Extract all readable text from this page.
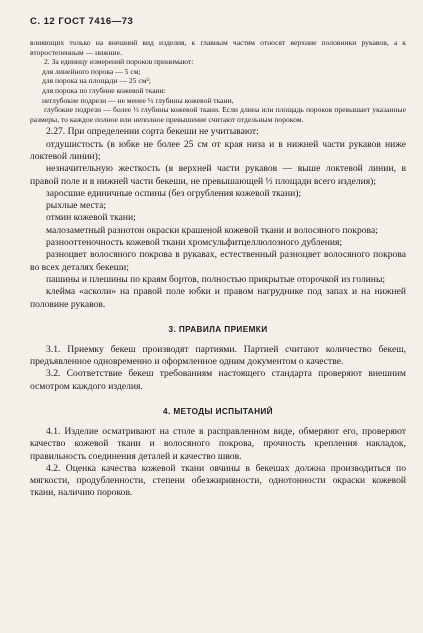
С. 12 ГОСТ 7416—73

влияющих только на внешний вид изделия, к главным частям относят верхние половинки рукавов, а к второстепенным — нижние.

2. За единицу измерений пороков принимают:

для линейного порока — 5 см;

для порока на площади — 25 см²;

для порока по глубине кожевой ткани:

неглубокие подрези — не менее ⅓ глубины кожевой ткани,

глубокие подрези — более ⅓ глубины кожевой ткани. Если длина или площадь пороков превышает указанные размеры, то каждое полное или неполное превышение считают отдельным пороком.

2.27. При определении сорта бекеши не учитывают:

отдушистость (в юбке не более 25 см от края низа и в нижней части рукавов ниже локтевой линии);

незначительную жесткость (в верхней части рукавов — выше локтевой линии, в правой поле и в нижней части бекеши, не превышающей ⅓ площади всего изделия);

заросшие единичные оспины (без огрубления кожевой ткани);

рыхлые места;

отмин кожевой ткани;

малозаметный разнотон окраски крашеной кожевой ткани и волосяного покрова;

разнооттеночность кожевой ткани хромсульфитцеллюлозного дубления;

разноцвет волосяного покрова в рукавах, естественный разноцвет волосяного покрова во всех деталях бекеши;

пашины и плешины по краям бортов, полностью прикрытые оторочкой из голины;

клейма «асколи» на правой поле юбки и правом нагруднике под запах и на нижней половине рукавов.

3. ПРАВИЛА ПРИЕМКИ

3.1. Приемку бекеш производят партиями. Партией считают количество бекеш, предъявленное одновременно и оформленное одним документом о качестве.

3.2. Соответствие бекеш требованиям настоящего стандарта проверяют внешним осмотром каждого изделия.

4. МЕТОДЫ ИСПЫТАНИЙ

4.1. Изделие осматривают на столе в расправленном виде, обмеряют его, проверяют качество кожевой ткани и волосяного покрова, прочность крепления накладок, правильность соединения деталей и качество швов.

4.2. Оценка качества кожевой ткани овчины в бекешах должна производиться по мягкости, продубленности, степени обезжиривности, однотонности окраски кожевой ткани, наличию пороков.
